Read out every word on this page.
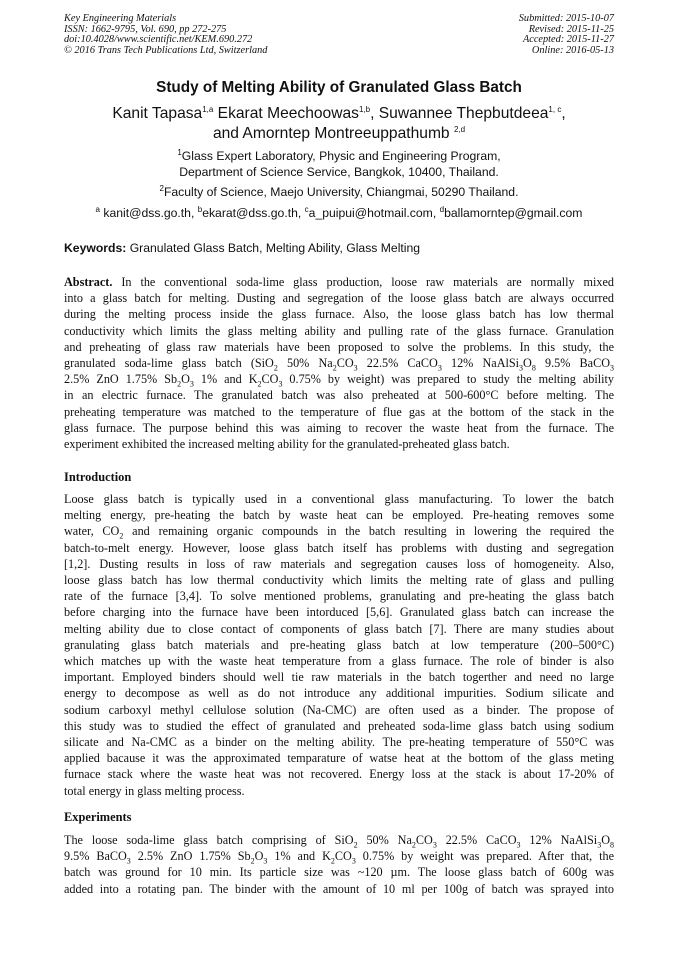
Key Engineering Materials
ISSN: 1662-9795, Vol. 690, pp 272-275
doi:10.4028/www.scientific.net/KEM.690.272
© 2016 Trans Tech Publications Ltd, Switzerland
Submitted: 2015-10-07
Revised: 2015-11-25
Accepted: 2015-11-27
Online: 2016-05-13
Study of Melting Ability of Granulated Glass Batch
Kanit Tapasa$^{1,a}$ Ekarat Meechoowas$^{1,b}$, Suwannee Thepbutdeea$^{1, c}$,
and Amorntep Montreeuppathumb $^{2,d}$
$^1$Glass Expert Laboratory, Physic and Engineering Program,
Department of Science Service, Bangkok, 10400, Thailand.
$^2$Faculty of Science, Maejo University, Chiangmai, 50290 Thailand.
$^a$ kanit@dss.go.th, $^b$ekarat@dss.go.th, $^c$a_puipui@hotmail.com, $^d$ballamorntep@gmail.com
Keywords: Granulated Glass Batch, Melting Ability, Glass Melting
Abstract. In the conventional soda-lime glass production, loose raw materials are normally mixed
into a glass batch for melting. Dusting and segregation of the loose glass batch are always occurred
during the melting process inside the glass furnace. Also, the loose glass batch has low thermal
conductivity which limits the glass melting ability and pulling rate of the glass furnace. Granulation
and preheating of glass raw materials have been proposed to solve the problems. In this study, the
granulated soda-lime glass batch (SiO$_2$ 50% $Na_2CO_3$ 22.5% CaCO$_3$ 12% $NaAlSi_3O_8$ 9.5% BaCO$_3$
2.5% ZnO 1.75% $Sb_2O_3$ 1% and $K_2CO_3$ 0.75% by weight) was prepared to study the melting ability
in an electric furnace. The granulated batch was also preheated at 500-600°C before melting. The
preheating temperature was matched to the temperature of flue gas at the bottom of the stack in the
glass furnace. The purpose behind this was aiming to recover the waste heat from the furnace. The
experiment exhibited the increased melting ability for the granulated-preheated glass batch.
Introduction
Loose glass batch is typically used in a conventional glass manufacturing. To lower the batch
melting energy, pre-heating the batch by waste heat can be employed. Pre-heating removes some
water, $CO_2$ and remaining organic compounds in the batch resulting in lowering the required the
batch-to-melt energy. However, loose glass batch itself has problems with dusting and segregation
[1,2]. Dusting results in loss of raw materials and segregation causes loss of homogeneity. Also,
loose glass batch has low thermal conductivity which limits the melting rate of glass and pulling
rate of the furnace [3,4]. To solve mentioned problems, granulating and pre-heating the glass batch
before charging into the furnace have been intorduced [5,6]. Granulated glass batch can increase the
melting ability due to close contact of components of glass batch [7]. There are many studies about
granulating glass batch materials and pre-heating glass batch at low temperature (200–500°C)
which matches up with the waste heat temperature from a glass furnace. The role of binder is also
important. Employed binders should well tie raw materials in the batch togerther and need no large
energy to decompose as well as do not introduce any additional impurities. Sodium silicate and
sodium carboxyl methyl cellulose solution (Na-CMC) are often used as a binder. The propose of
this study was to studied the effect of granulated and preheated soda-lime glass batch using sodium
silicate and Na-CMC as a binder on the melting ability. The pre-heating temperature of 550°C was
applied bacause it was the approximated temparature of watse heat at the bottom of the glass meting
furnace stack where the waste heat was not recovered. Energy loss at the stack is about 17-20% of
total energy in glass melting process.
Experiments
The loose soda-lime glass batch comprising of SiO$_2$ 50% $Na_2CO_3$ 22.5% CaCO$_3$ 12% $NaAlSi_3O_8$
9.5% BaCO$_3$ 2.5% ZnO 1.75% $Sb_2O_3$ 1% and $K_2CO_3$ 0.75% by weight was prepared. After that, the
batch was ground for 10 min. Its particle size was ~120 µm. The loose glass batch of 600g was
added into a rotating pan. The binder with the amount of 10 ml per 100g of batch was sprayed into
